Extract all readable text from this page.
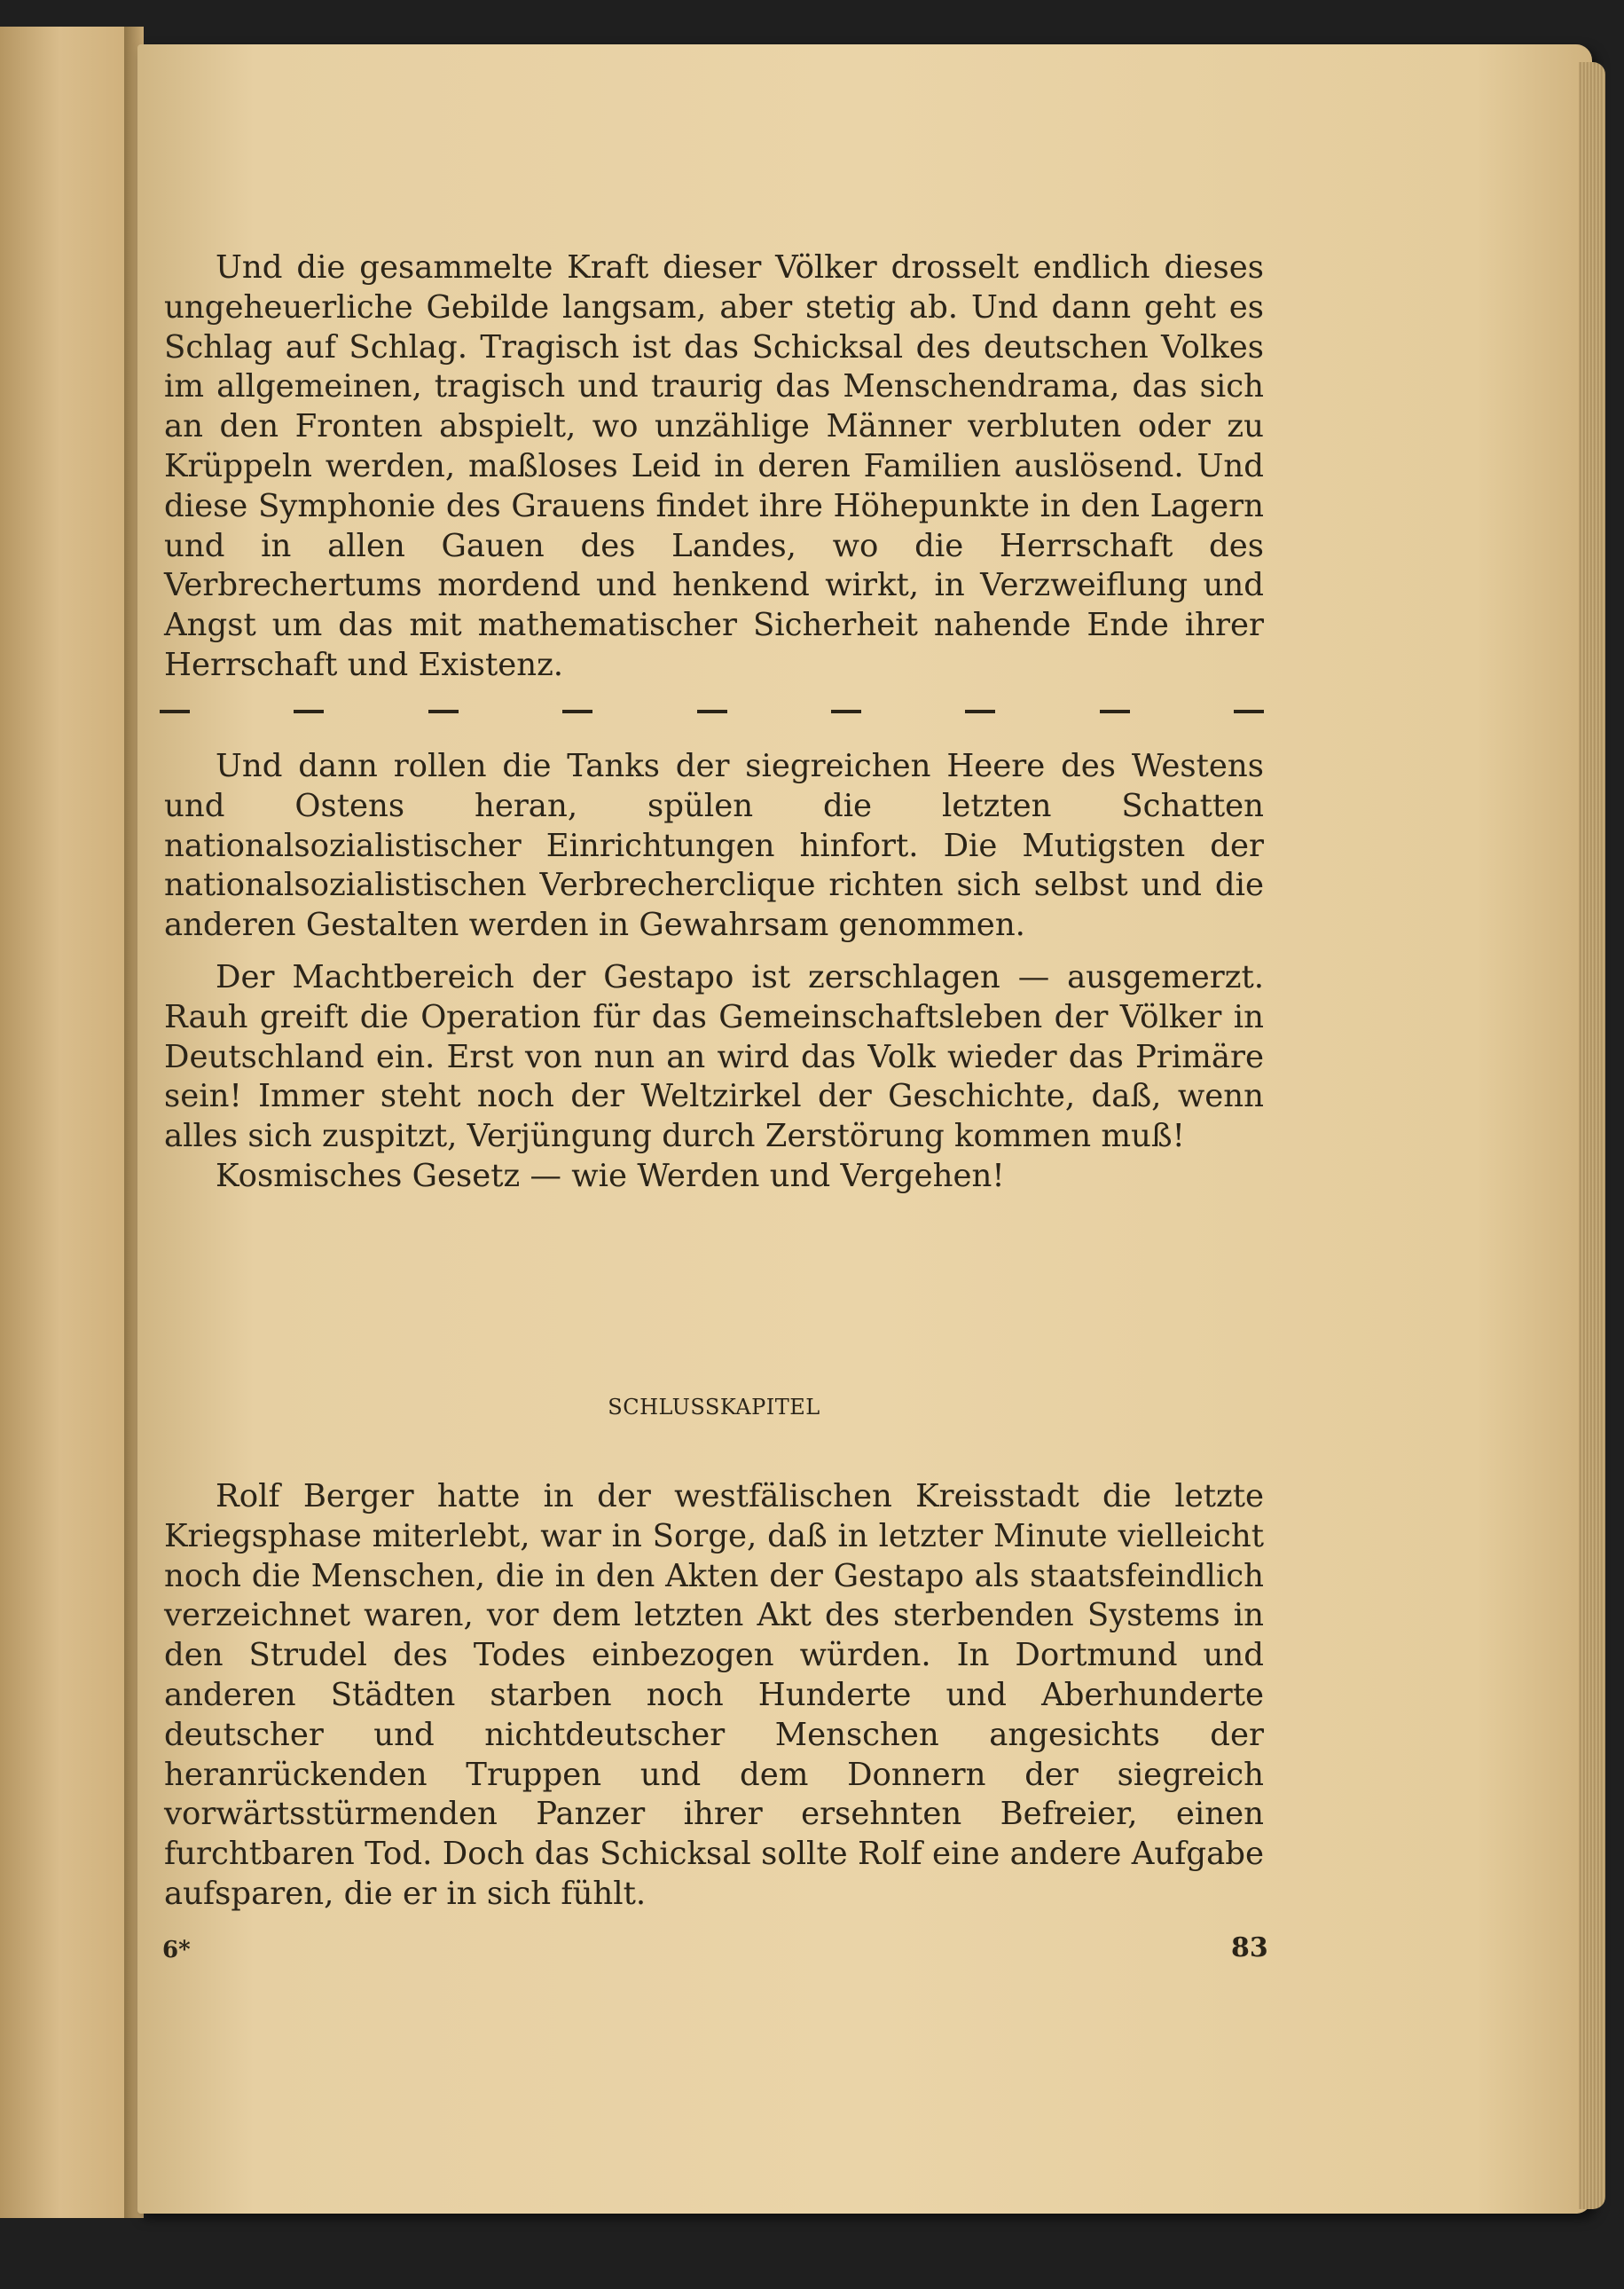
Und die gesammelte Kraft dieser Völker drosselt endlich dieses ungeheuerliche Gebilde langsam, aber stetig ab. Und dann geht es Schlag auf Schlag. Tragisch ist das Schicksal des deutschen Volkes im allgemeinen, tragisch und traurig das Menschendrama, das sich an den Fronten abspielt, wo unzählige Männer verbluten oder zu Krüppeln werden, maßloses Leid in deren Familien auslösend. Und diese Symphonie des Grauens findet ihre Höhepunkte in den Lagern und in allen Gauen des Landes, wo die Herrschaft des Verbrechertums mordend und henkend wirkt, in Verzweiflung und Angst um das mit mathematischer Sicherheit nahende Ende ihrer Herrschaft und Existenz.

Und dann rollen die Tanks der siegreichen Heere des Westens und Ostens heran, spülen die letzten Schatten nationalsozialistischer Einrichtungen hinfort. Die Mutigsten der nationalsozialistischen Verbrecherclique richten sich selbst und die anderen Gestalten werden in Gewahrsam genommen.

Der Machtbereich der Gestapo ist zerschlagen — ausgemerzt. Rauh greift die Operation für das Gemeinschaftsleben der Völker in Deutschland ein. Erst von nun an wird das Volk wieder das Primäre sein! Immer steht noch der Weltzirkel der Geschichte, daß, wenn alles sich zuspitzt, Verjüngung durch Zerstörung kommen muß!

Kosmisches Gesetz — wie Werden und Vergehen!

SCHLUSSKAPITEL

Rolf Berger hatte in der westfälischen Kreisstadt die letzte Kriegsphase miterlebt, war in Sorge, daß in letzter Minute vielleicht noch die Menschen, die in den Akten der Gestapo als staatsfeindlich verzeichnet waren, vor dem letzten Akt des sterbenden Systems in den Strudel des Todes einbezogen würden. In Dortmund und anderen Städten starben noch Hunderte und Aberhunderte deutscher und nichtdeutscher Menschen angesichts der heranrückenden Truppen und dem Donnern der siegreich vorwärtsstürmenden Panzer ihrer ersehnten Befreier, einen furchtbaren Tod. Doch das Schicksal sollte Rolf eine andere Aufgabe aufsparen, die er in sich fühlt.

6*	83
